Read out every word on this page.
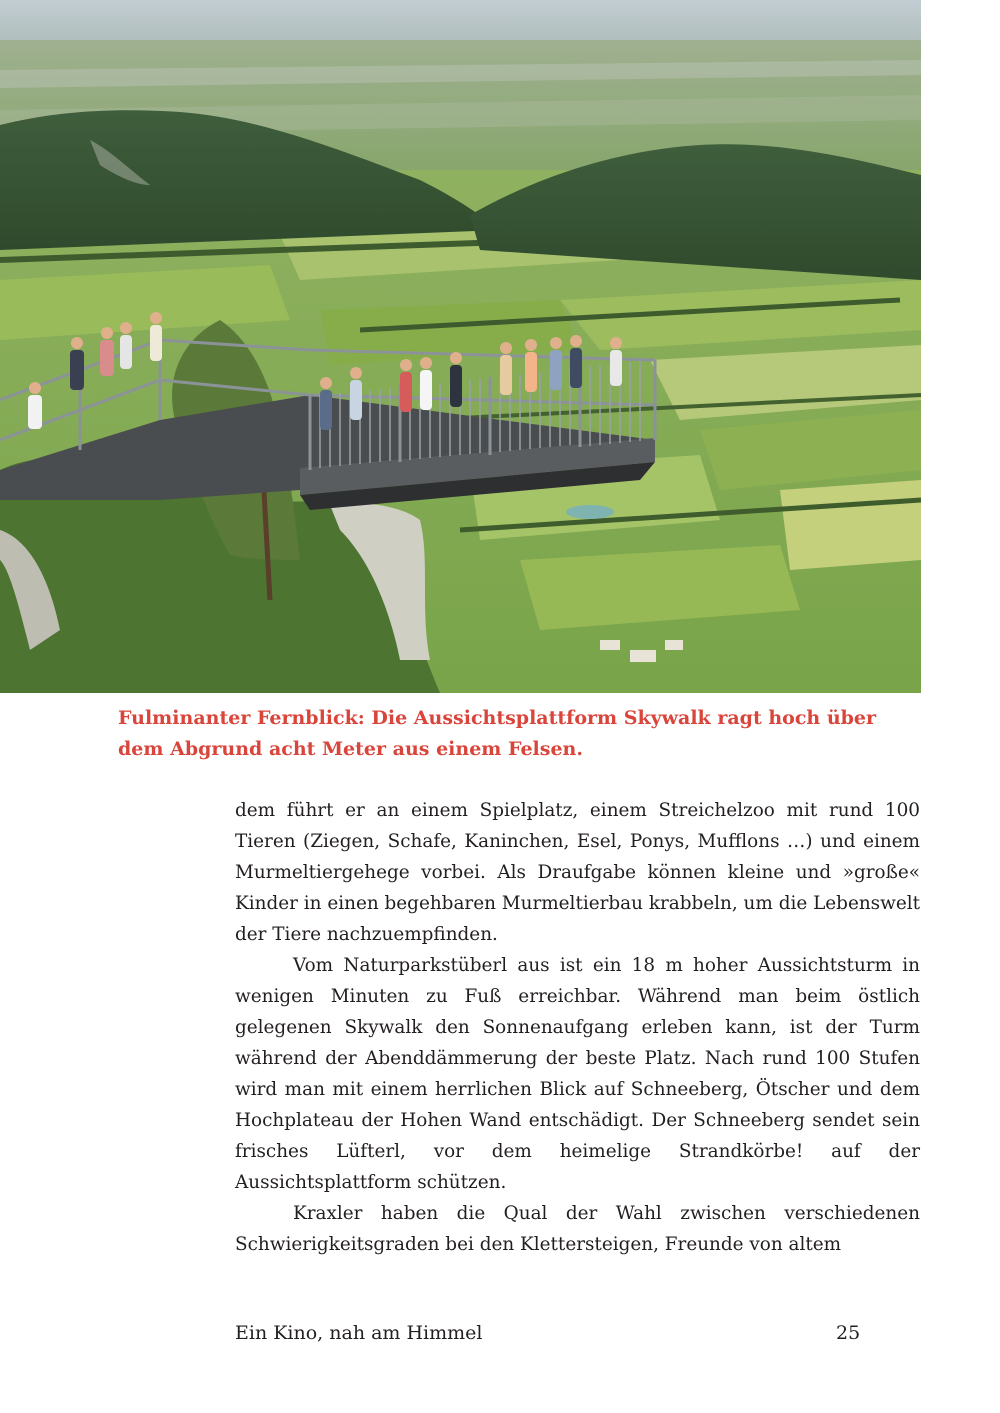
Fulminanter Fernblick: Die Aussichtsplattform Skywalk ragt hoch über dem Abgrund acht Meter aus einem Felsen.

dem führt er an einem Spielplatz, einem Streichelzoo mit rund 100 Tieren (Ziegen, Schafe, Kaninchen, Esel, Ponys, Mufflons …) und einem Murmeltiergehege vorbei. Als Draufgabe können kleine und »große« Kinder in einen begehbaren Murmeltierbau krabbeln, um die Lebenswelt der Tiere nachzuempfinden.

Vom Naturparkstüberl aus ist ein 18 m hoher Aussichtsturm in wenigen Minuten zu Fuß erreichbar. Während man beim östlich gelegenen Skywalk den Sonnenaufgang erleben kann, ist der Turm während der Abenddämmerung der beste Platz. Nach rund 100 Stufen wird man mit einem herrlichen Blick auf Schneeberg, Ötscher und dem Hochplateau der Hohen Wand entschädigt. Der Schneeberg sendet sein frisches Lüfterl, vor dem heimelige Strandkörbe! auf der Aussichtsplattform schützen.

Kraxler haben die Qual der Wahl zwischen verschiedenen Schwierigkeitsgraden bei den Klettersteigen, Freunde von altem

Ein Kino, nah am Himmel	25
